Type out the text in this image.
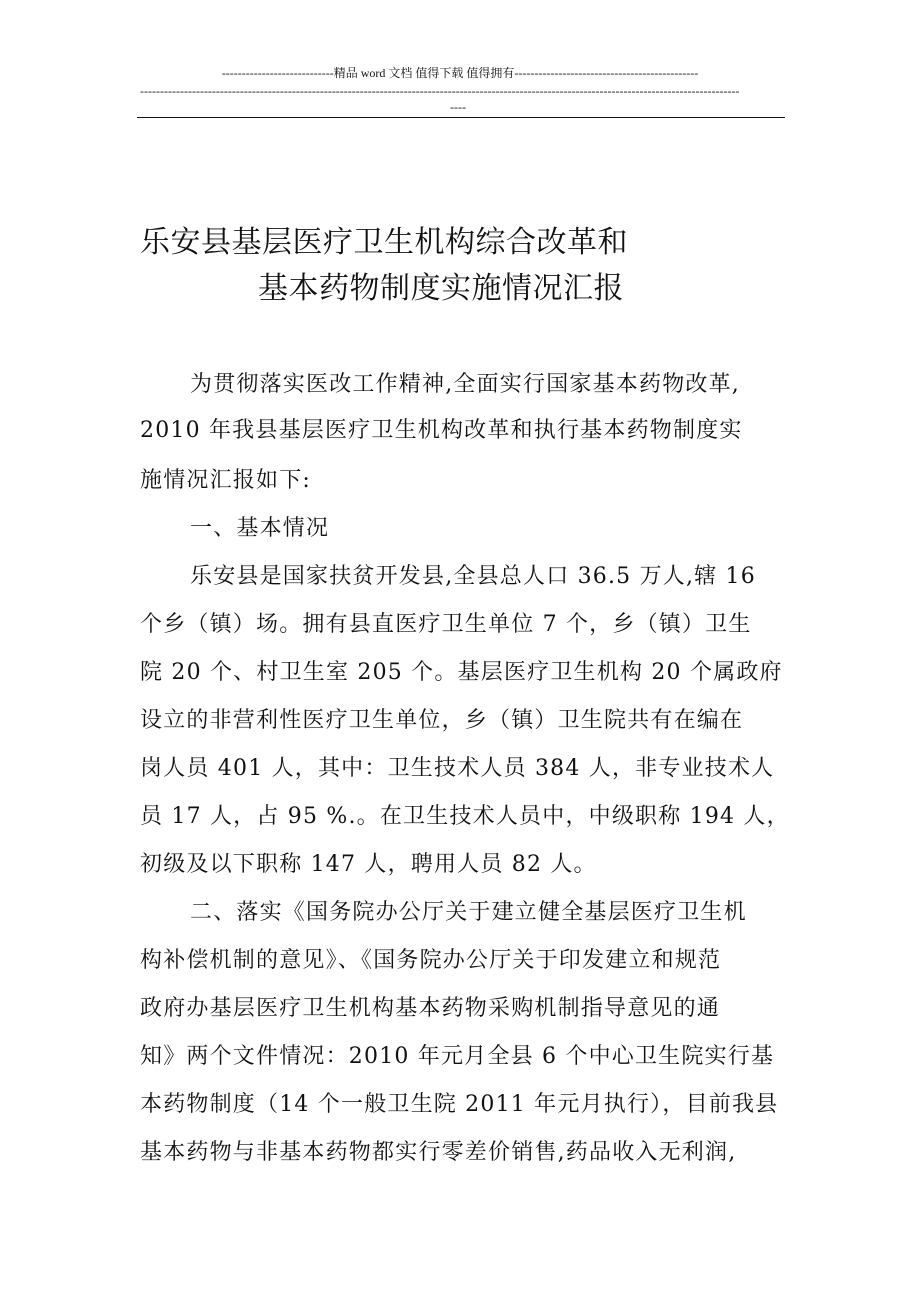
----------------------------精品 word 文档 值得下载 值得拥有----------------------------------------------
------------------------------------------------------------------------------------------------------------------------------------------------------
----
乐安县基层医疗卫生机构综合改革和
基本药物制度实施情况汇报
为贯彻落实医改工作精神,全面实行国家基本药物改革,
2010 年我县基层医疗卫生机构改革和执行基本药物制度实
施情况汇报如下:
一、基本情况
乐安县是国家扶贫开发县,全县总人口 36.5 万人,辖 16
个乡（镇）场。拥有县直医疗卫生单位 7 个，乡（镇）卫生
院 20 个、村卫生室 205 个。基层医疗卫生机构 20 个属政府
设立的非营利性医疗卫生单位，乡（镇）卫生院共有在编在
岗人员 401 人，其中：卫生技术人员 384 人，非专业技术人
员 17 人，占 95 %.。在卫生技术人员中，中级职称 194 人，
初级及以下职称 147 人，聘用人员 82 人。
二、落实《国务院办公厅关于建立健全基层医疗卫生机
构补偿机制的意见》、《国务院办公厅关于印发建立和规范
政府办基层医疗卫生机构基本药物采购机制指导意见的通
知》两个文件情况：2010 年元月全县 6 个中心卫生院实行基
本药物制度（14 个一般卫生院 2011 年元月执行），目前我县
基本药物与非基本药物都实行零差价销售,药品收入无利润,
